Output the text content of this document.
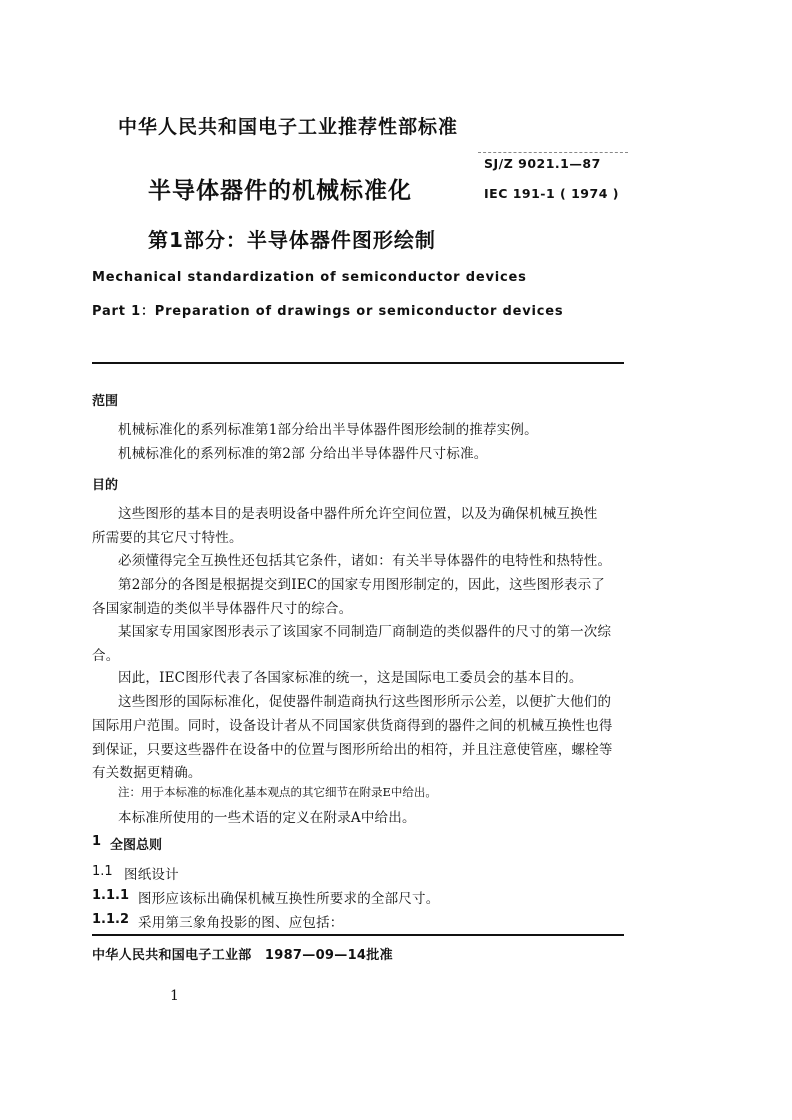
中华人民共和国电子工业推荐性部标准
SJ/Z 9021.1—87
IEC 191-1 ( 1974 )
半导体器件的机械标准化
第1部分：半导体器件图形绘制
Mechanical standardization of semiconductor devices
Part 1：Preparation of drawings or semiconductor devices
范围
机械标准化的系列标准第1部分给出半导体器件图形绘制的推荐实例。
机械标准化的系列标准的第2部 分给出半导体器件尺寸标准。
目的
这些图形的基本目的是表明设备中器件所允许空间位置，以及为确保机械互换性
所需要的其它尺寸特性。
必须懂得完全互换性还包括其它条件，诸如：有关半导体器件的电特性和热特性。
第2部分的各图是根据提交到IEC的国家专用图形制定的，因此，这些图形表示了
各国家制造的类似半导体器件尺寸的综合。
某国家专用国家图形表示了该国家不同制造厂商制造的类似器件的尺寸的第一次综
合。
因此，IEC图形代表了各国家标准的统一，这是国际电工委员会的基本目的。
这些图形的国际标准化，促使器件制造商执行这些图形所示公差，以便扩大他们的
国际用户范围。同时，设备设计者从不同国家供货商得到的器件之间的机械互换性也得
到保证，只要这些器件在设备中的位置与图形所给出的相符，并且注意使管座，螺栓等
有关数据更精确。
注：用于本标准的标准化基本观点的其它细节在附录E中给出。
本标准所使用的一些术语的定义在附录A中给出。
1 全图总则
1.1 图纸设计
1.1.1 图形应该标出确保机械互换性所要求的全部尺寸。
1.1.2 采用第三象角投影的图、应包括：
中华人民共和国电子工业部　1987—09—14批准
1
